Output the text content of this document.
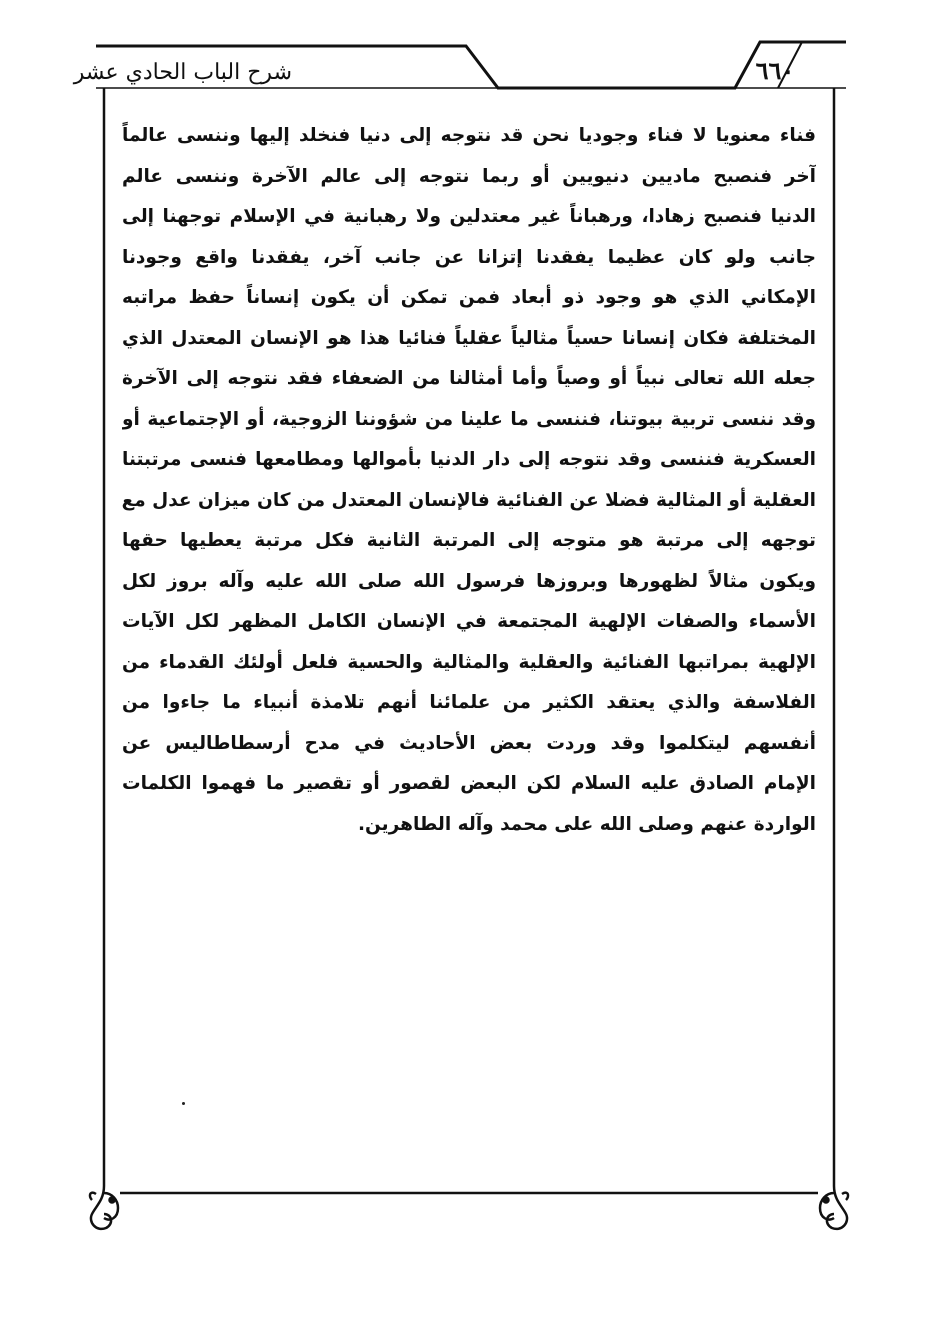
شرح الباب الحادي عشر	٦٦٠
فناء معنويا لا فناء وجوديا نحن قد نتوجه إلى دنيا فنخلد إليها وننسى عالماً
آخر فنصبح ماديين دنيويين أو ربما نتوجه إلى عالم الآخرة وننسى عالم
الدنيا فنصبح زهادا، ورهباناً غير معتدلين ولا رهبانية في الإسلام توجهنا إلى
جانب ولو كان عظيما يفقدنا إتزانا عن جانب آخر، يفقدنا واقع وجودنا
الإمكاني الذي هو وجود ذو أبعاد فمن تمكن أن يكون إنساناً حفظ مراتبه
المختلفة فكان إنسانا حسياً مثالياً عقلياً فنائيا هذا هو الإنسان المعتدل الذي
جعله الله تعالى نبياً أو وصياً وأما أمثالنا من الضعفاء فقد نتوجه إلى الآخرة
وقد ننسى تربية بيوتنا، فننسى ما علينا من شؤوننا الزوجية، أو الإجتماعية أو
العسكرية فننسى وقد نتوجه إلى دار الدنيا بأموالها ومطامعها فنسى مرتبتنا
العقلية أو المثالية فضلا عن الفنائية فالإنسان المعتدل من كان ميزان عدل مع
توجهه إلى مرتبة هو متوجه إلى المرتبة الثانية فكل مرتبة يعطيها حقها
ويكون مثالاً لظهورها وبروزها فرسول الله صلى الله عليه وآله بروز لكل
الأسماء والصفات الإلهية المجتمعة في الإنسان الكامل المظهر لكل الآيات
الإلهية بمراتبها الفنائية والعقلية والمثالية والحسية فلعل أولئك القدماء من
الفلاسفة والذي يعتقد الكثير من علمائنا أنهم تلامذة أنبياء ما جاءوا من
أنفسهم ليتكلموا وقد وردت بعض الأحاديث في مدح أرسطاطاليس عن
الإمام الصادق عليه السلام لكن البعض لقصور أو تقصير ما فهموا الكلمات
الواردة عنهم وصلى الله على محمد وآله الطاهرين.
